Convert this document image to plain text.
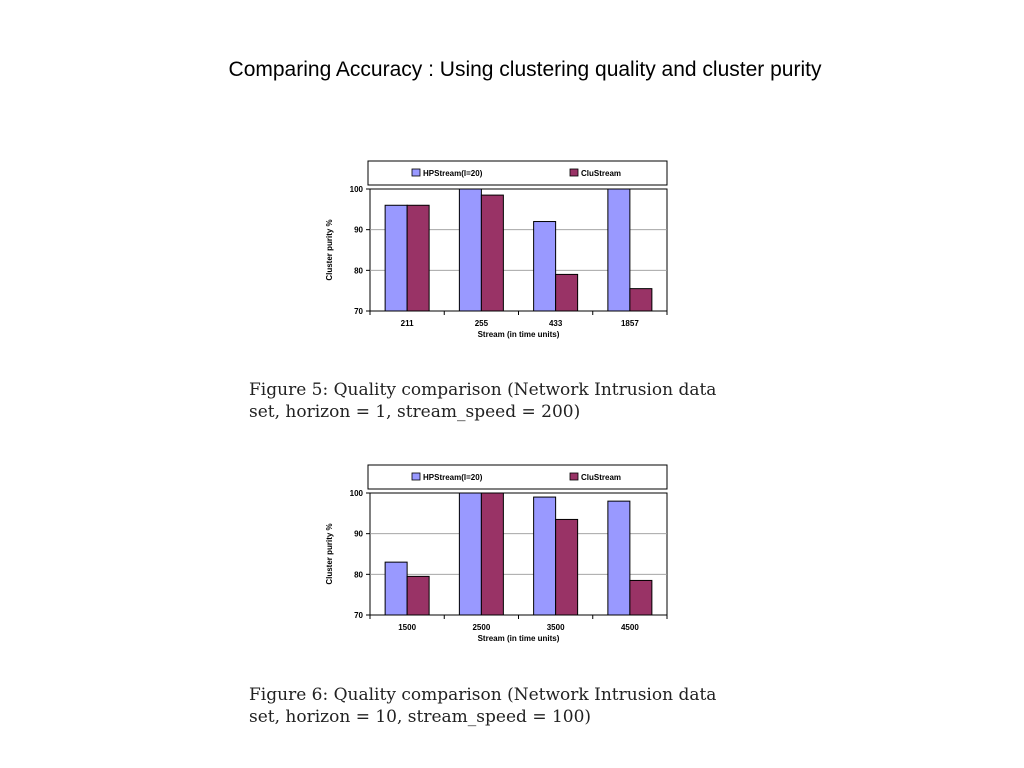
Comparing Accuracy : Using clustering quality and cluster purity
HPStream(l=20)	CluStream
70
80
90
100
211	255	433	1857
Stream (in time units)
Cluster purity %
Figure 5: Quality comparison (Network Intrusion data
set, horizon = 1, stream_speed = 200)
HPStream(l=20)	CluStream
70
80
90
100
1500	2500	3500	4500
Stream (in time units)
Cluster purity %
Figure 6: Quality comparison (Network Intrusion data
set, horizon = 10, stream_speed = 100)
